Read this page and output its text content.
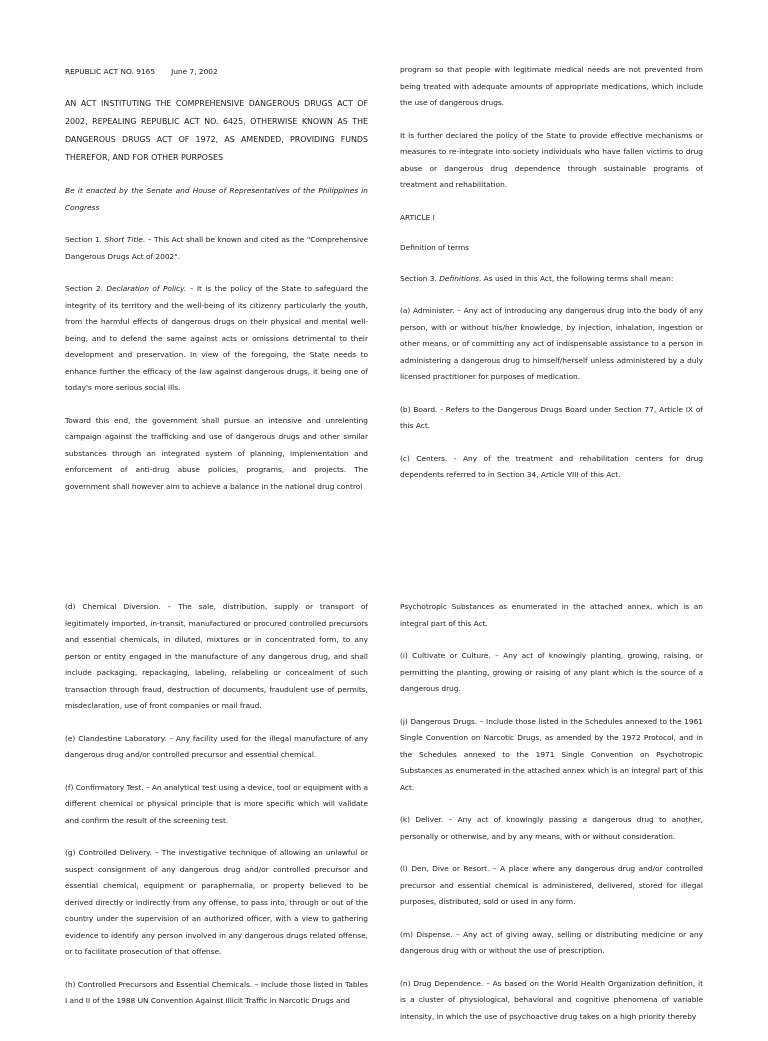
REPUBLIC ACT NO. 9165 June 7, 2002

AN ACT INSTITUTING THE COMPREHENSIVE DANGEROUS DRUGS ACT OF 2002, REPEALING REPUBLIC ACT NO. 6425, OTHERWISE KNOWN AS THE DANGEROUS DRUGS ACT OF 1972, AS AMENDED, PROVIDING FUNDS THEREFOR, AND FOR OTHER PURPOSES

Be it enacted by the Senate and House of Representatives of the Philippines in Congress

Section 1. Short Title. – This Act shall be known and cited as the "Comprehensive Dangerous Drugs Act of 2002".

Section 2. Declaration of Policy. – It is the policy of the State to safeguard the integrity of its territory and the well-being of its citizenry particularly the youth, from the harmful effects of dangerous drugs on their physical and mental well-being, and to defend the same against acts or omissions detrimental to their development and preservation. In view of the foregoing, the State needs to enhance further the efficacy of the law against dangerous drugs, it being one of today's more serious social ills.

Toward this end, the government shall pursue an intensive and unrelenting campaign against the trafficking and use of dangerous drugs and other similar substances through an integrated system of planning, implementation and enforcement of anti-drug abuse policies, programs, and projects. The government shall however aim to achieve a balance in the national drug control

program so that people with legitimate medical needs are not prevented from being treated with adequate amounts of appropriate medications, which include the use of dangerous drugs.

It is further declared the policy of the State to provide effective mechanisms or measures to re-integrate into society individuals who have fallen victims to drug abuse or dangerous drug dependence through sustainable programs of treatment and rehabilitation.

ARTICLE I

Definition of terms

Section 3. Definitions. As used in this Act, the following terms shall mean:

(a) Administer. – Any act of introducing any dangerous drug into the body of any person, with or without his/her knowledge, by injection, inhalation, ingestion or other means, or of committing any act of indispensable assistance to a person in administering a dangerous drug to himself/herself unless administered by a duly licensed practitioner for purposes of medication.

(b) Board. - Refers to the Dangerous Drugs Board under Section 77, Article IX of this Act.

(c) Centers. - Any of the treatment and rehabilitation centers for drug dependents referred to in Section 34, Article VIII of this Act.

(d) Chemical Diversion. – The sale, distribution, supply or transport of legitimately imported, in-transit, manufactured or procured controlled precursors and essential chemicals, in diluted, mixtures or in concentrated form, to any person or entity engaged in the manufacture of any dangerous drug, and shall include packaging, repackaging, labeling, relabeling or concealment of such transaction through fraud, destruction of documents, fraudulent use of permits, misdeclaration, use of front companies or mail fraud.

(e) Clandestine Laboratory. – Any facility used for the illegal manufacture of any dangerous drug and/or controlled precursor and essential chemical.

(f) Confirmatory Test. – An analytical test using a device, tool or equipment with a different chemical or physical principle that is more specific which will validate and confirm the result of the screening test.

(g) Controlled Delivery. – The investigative technique of allowing an unlawful or suspect consignment of any dangerous drug and/or controlled precursor and essential chemical, equipment or paraphernalia, or property believed to be derived directly or indirectly from any offense, to pass into, through or out of the country under the supervision of an authorized officer, with a view to gathering evidence to identify any person involved in any dangerous drugs related offense, or to facilitate prosecution of that offense.

(h) Controlled Precursors and Essential Chemicals. – Include those listed in Tables I and II of the 1988 UN Convention Against Illicit Traffic in Narcotic Drugs and

Psychotropic Substances as enumerated in the attached annex, which is an integral part of this Act.

(i) Cultivate or Culture. – Any act of knowingly planting, growing, raising, or permitting the planting, growing or raising of any plant which is the source of a dangerous drug.

(j) Dangerous Drugs. – Include those listed in the Schedules annexed to the 1961 Single Convention on Narcotic Drugs, as amended by the 1972 Protocol, and in the Schedules annexed to the 1971 Single Convention on Psychotropic Substances as enumerated in the attached annex which is an integral part of this Act.

(k) Deliver. – Any act of knowingly passing a dangerous drug to another, personally or otherwise, and by any means, with or without consideration.

(l) Den, Dive or Resort. – A place where any dangerous drug and/or controlled precursor and essential chemical is administered, delivered, stored for illegal purposes, distributed, sold or used in any form.

(m) Dispense. – Any act of giving away, selling or distributing medicine or any dangerous drug with or without the use of prescription.

(n) Drug Dependence. – As based on the World Health Organization definition, it is a cluster of physiological, behavioral and cognitive phenomena of variable intensity, in which the use of psychoactive drug takes on a high priority thereby
